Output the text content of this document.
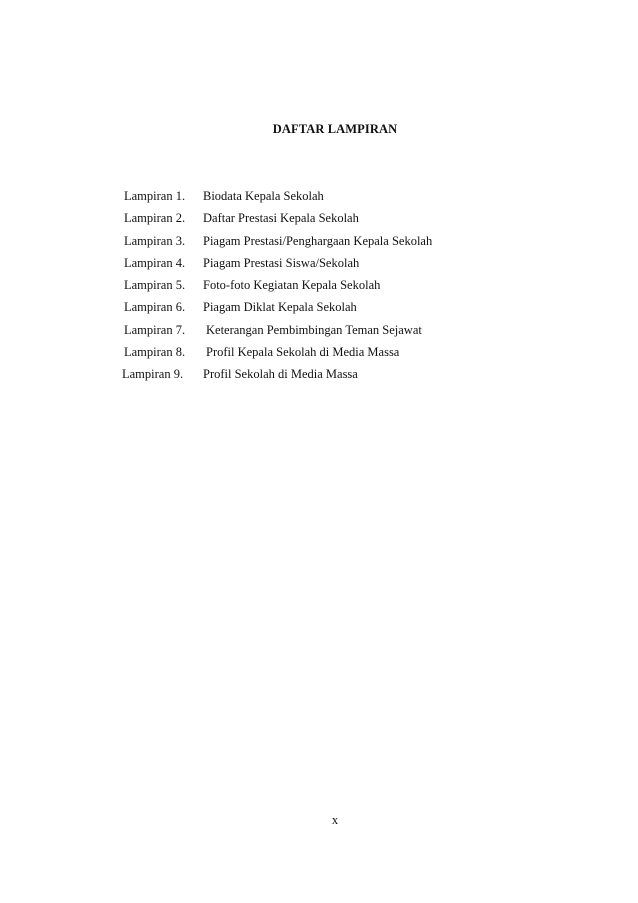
DAFTAR LAMPIRAN
Lampiran 1.	Biodata Kepala Sekolah
Lampiran 2.	Daftar Prestasi Kepala Sekolah
Lampiran 3.	Piagam Prestasi/Penghargaan Kepala Sekolah
Lampiran 4.	Piagam Prestasi Siswa/Sekolah
Lampiran 5.	Foto-foto Kegiatan Kepala Sekolah
Lampiran 6.	Piagam Diklat Kepala Sekolah
Lampiran 7.	Keterangan Pembimbingan Teman Sejawat
Lampiran 8.	Profil Kepala Sekolah di Media Massa
Lampiran 9.	Profil Sekolah di Media Massa
x
